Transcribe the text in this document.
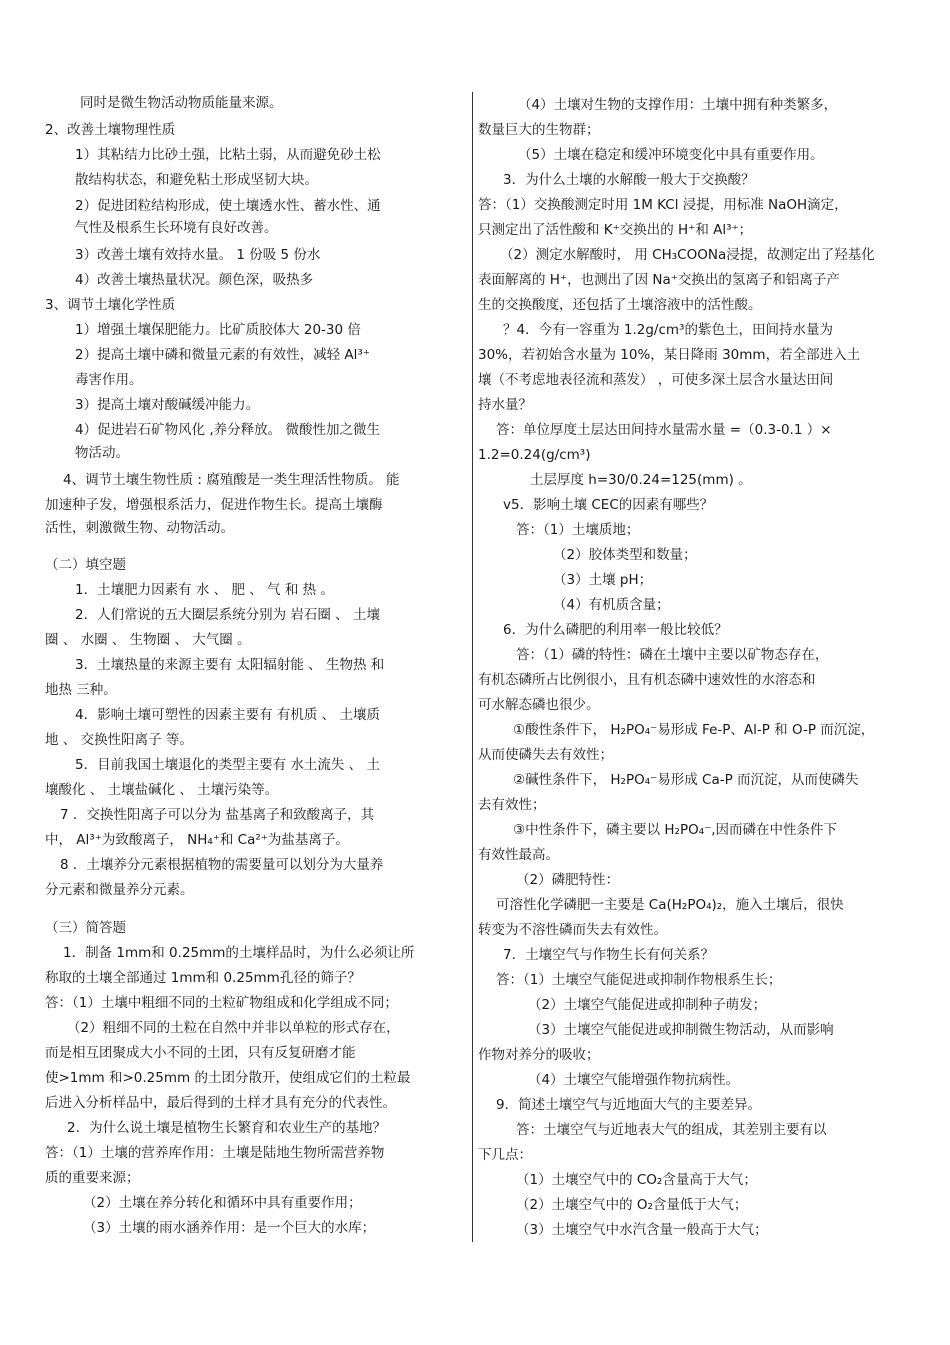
同时是微生物活动物质能量来源。
2、改善土壤物理性质
1）其粘结力比砂土强，比粘土弱，从而避免砂土松
散结构状态，和避免粘土形成坚韧大块。
2）促进团粒结构形成，使土壤透水性、蓄水性、通
气性及根系生长环境有良好改善。
3）改善土壤有效持水量。 1 份吸 5 份水
4）改善土壤热量状况。颜色深，吸热多
3、调节土壤化学性质
1）增强土壤保肥能力。比矿质胶体大 20-30 倍
2）提高土壤中磷和微量元素的有效性，减轻 Al³⁺
毒害作用。
3）提高土壤对酸碱缓冲能力。
4）促进岩石矿物风化 ,养分释放。 微酸性加之微生
物活动。
4、调节土壤生物性质 : 腐殖酸是一类生理活性物质。 能
加速种子发，增强根系活力，促进作物生长。提高土壤酶
活性，刺激微生物、动物活动。
（二）填空题
1．土壤肥力因素有 水 、 肥 、 气 和 热 。
2．人们常说的五大圈层系统分别为 岩石圈 、 土壤
圈 、 水圈 、 生物圈 、 大气圈 。
3．土壤热量的来源主要有 太阳辐射能 、 生物热 和
地热 三种。
4．影响土壤可塑性的因素主要有 有机质 、 土壤质
地 、 交换性阳离子 等。
5．目前我国土壤退化的类型主要有 水土流失 、 土
壤酸化 、 土壤盐碱化 、 土壤污染等。
7 ．交换性阳离子可以分为 盐基离子和致酸离子，其
中， Al³⁺为致酸离子， NH₄⁺和 Ca²⁺为盐基离子。
8 ．土壤养分元素根据植物的需要量可以划分为大量养
分元素和微量养分元素。
（三）简答题
1．制备 1mm和 0.25mm的土壤样品时，为什么必须让所
称取的土壤全部通过 1mm和 0.25mm孔径的筛子？
答：（1）土壤中粗细不同的土粒矿物组成和化学组成不同；
（2）粗细不同的土粒在自然中并非以单粒的形式存在，
而是相互团聚成大小不同的土团，只有反复研磨才能
使>1mm 和>0.25mm 的土团分散开，使组成它们的土粒最
后进入分析样品中，最后得到的土样才具有充分的代表性。
2．为什么说土壤是植物生长繁育和农业生产的基地？
答：（1）土壤的营养库作用：土壤是陆地生物所需营养物
质的重要来源；
（2）土壤在养分转化和循环中具有重要作用；
（3）土壤的雨水涵养作用：是一个巨大的水库；
（4）土壤对生物的支撑作用：土壤中拥有种类繁多，
数量巨大的生物群；
（5）土壤在稳定和缓冲环境变化中具有重要作用。
3．为什么土壤的水解酸一般大于交换酸？
答：（1）交换酸测定时用 1M KCl 浸提，用标准 NaOH滴定，
只测定出了活性酸和 K⁺交换出的 H⁺和 Al³⁺；
（2）测定水解酸时， 用 CH₃COONa浸提，故测定出了羟基化
表面解离的 H⁺，也测出了因 Na⁺交换出的氢离子和铝离子产
生的交换酸度，还包括了土壤溶液中的活性酸。
？4．今有一容重为 1.2g/cm³的紫色土，田间持水量为
30%，若初始含水量为 10%，某日降雨 30mm，若全部进入土
壤（不考虑地表径流和蒸发） ，可使多深土层含水量达田间
持水量？
答：单位厚度土层达田间持水量需水量 =（0.3-0.1 ）×
1.2=0.24(g/cm³)
土层厚度 h=30/0.24=125(mm) 。
v5．影响土壤 CEC的因素有哪些？
答：（1）土壤质地；
（2）胶体类型和数量；
（3）土壤 pH；
（4）有机质含量；
6．为什么磷肥的利用率一般比较低？
答：（1）磷的特性：磷在土壤中主要以矿物态存在，
有机态磷所占比例很小，且有机态磷中速效性的水溶态和
可水解态磷也很少。
①酸性条件下， H₂PO₄⁻易形成 Fe-P、Al-P 和 O-P 而沉淀，
从而使磷失去有效性；
②碱性条件下， H₂PO₄⁻易形成 Ca-P 而沉淀，从而使磷失
去有效性；
③中性条件下，磷主要以 H₂PO₄⁻,因而磷在中性条件下
有效性最高。
（2）磷肥特性：
可溶性化学磷肥一主要是 Ca(H₂PO₄)₂，施入土壤后，很快
转变为不溶性磷而失去有效性。
7．土壤空气与作物生长有何关系？
答：（1）土壤空气能促进或抑制作物根系生长；
（2）土壤空气能促进或抑制种子萌发；
（3）土壤空气能促进或抑制微生物活动，从而影响
作物对养分的吸收；
（4）土壤空气能增强作物抗病性。
9．简述土壤空气与近地面大气的主要差异。
答：土壤空气与近地表大气的组成，其差别主要有以
下几点：
（1）土壤空气中的 CO₂含量高于大气；
（2）土壤空气中的 O₂含量低于大气；
（3）土壤空气中水汽含量一般高于大气；
